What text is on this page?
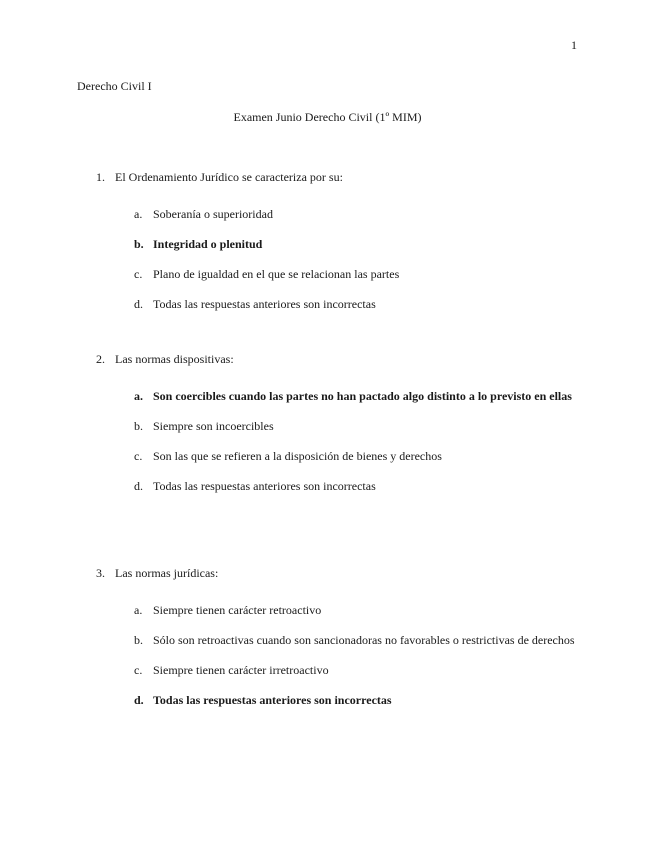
1
Derecho Civil I
Examen Junio Derecho Civil (1º MIM)
1. El Ordenamiento Jurídico se caracteriza por su:
a. Soberanía o superioridad
b. Integridad o plenitud
c. Plano de igualdad en el que se relacionan las partes
d. Todas las respuestas anteriores son incorrectas
2. Las normas dispositivas:
a. Son coercibles cuando las partes no han pactado algo distinto a lo previsto en ellas
b. Siempre son incoercibles
c. Son las que se refieren a la disposición de bienes y derechos
d. Todas las respuestas anteriores son incorrectas
3. Las normas jurídicas:
a. Siempre tienen carácter retroactivo
b. Sólo son retroactivas cuando son sancionadoras no favorables o restrictivas de derechos
c. Siempre tienen carácter irretroactivo
d. Todas las respuestas anteriores son incorrectas
